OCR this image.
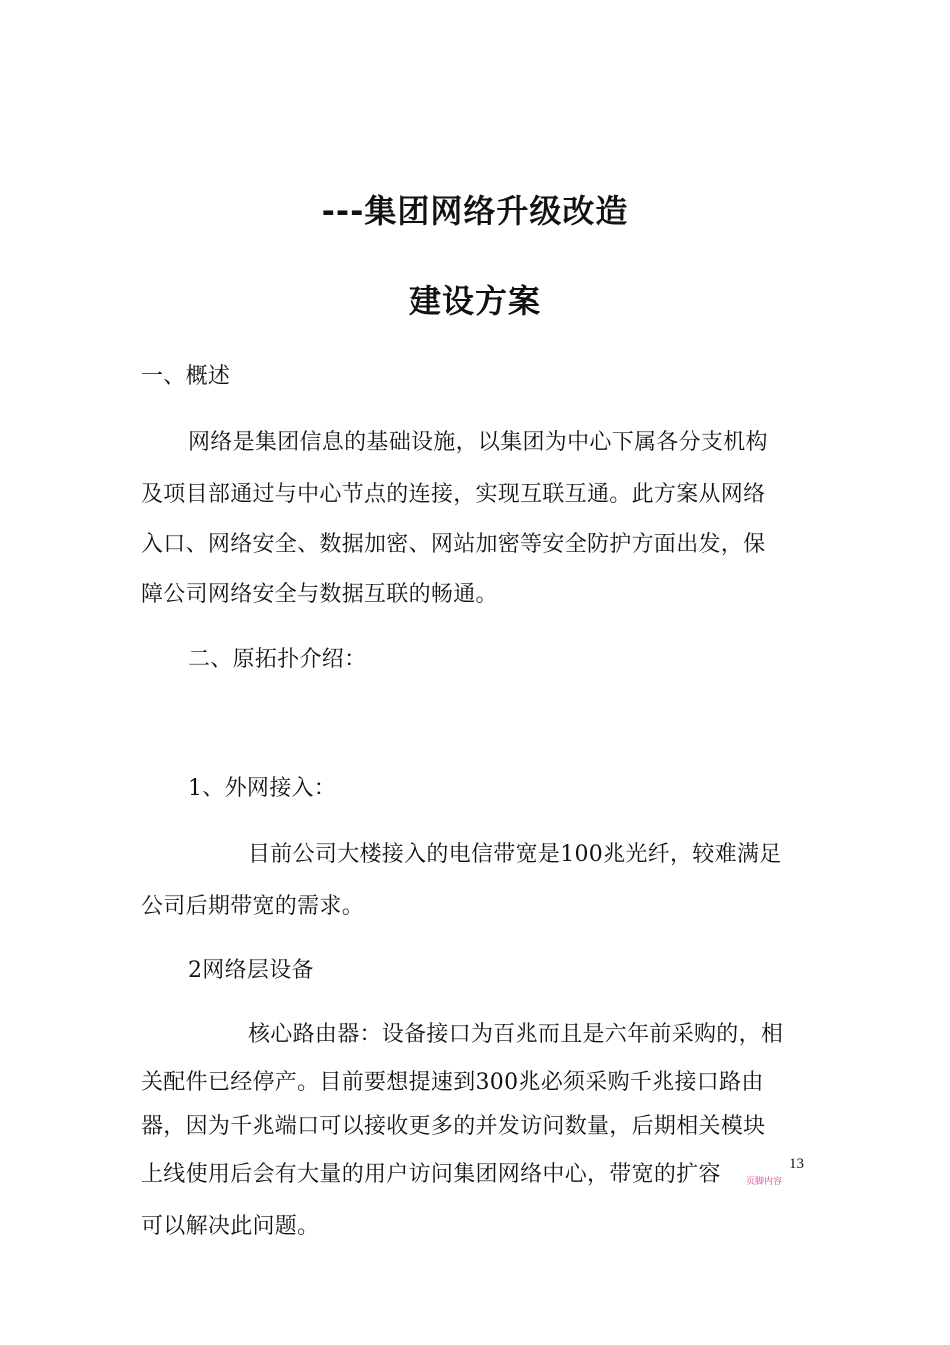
---集团网络升级改造
建设方案
一、概述
网络是集团信息的基础设施，以集团为中心下属各分支机构
及项目部通过与中心节点的连接，实现互联互通。此方案从网络
入口、网络安全、数据加密、网站加密等安全防护方面出发，保
障公司网络安全与数据互联的畅通。
二、原拓扑介绍：
1、外网接入：
目前公司大楼接入的电信带宽是100兆光纤，较难满足
公司后期带宽的需求。
2网络层设备
核心路由器：设备接口为百兆而且是六年前采购的，相
关配件已经停产。目前要想提速到300兆必须采购千兆接口路由
器，因为千兆端口可以接收更多的并发访问数量，后期相关模块
上线使用后会有大量的用户访问集团网络中心，带宽的扩容
可以解决此问题。
页脚内容
13
